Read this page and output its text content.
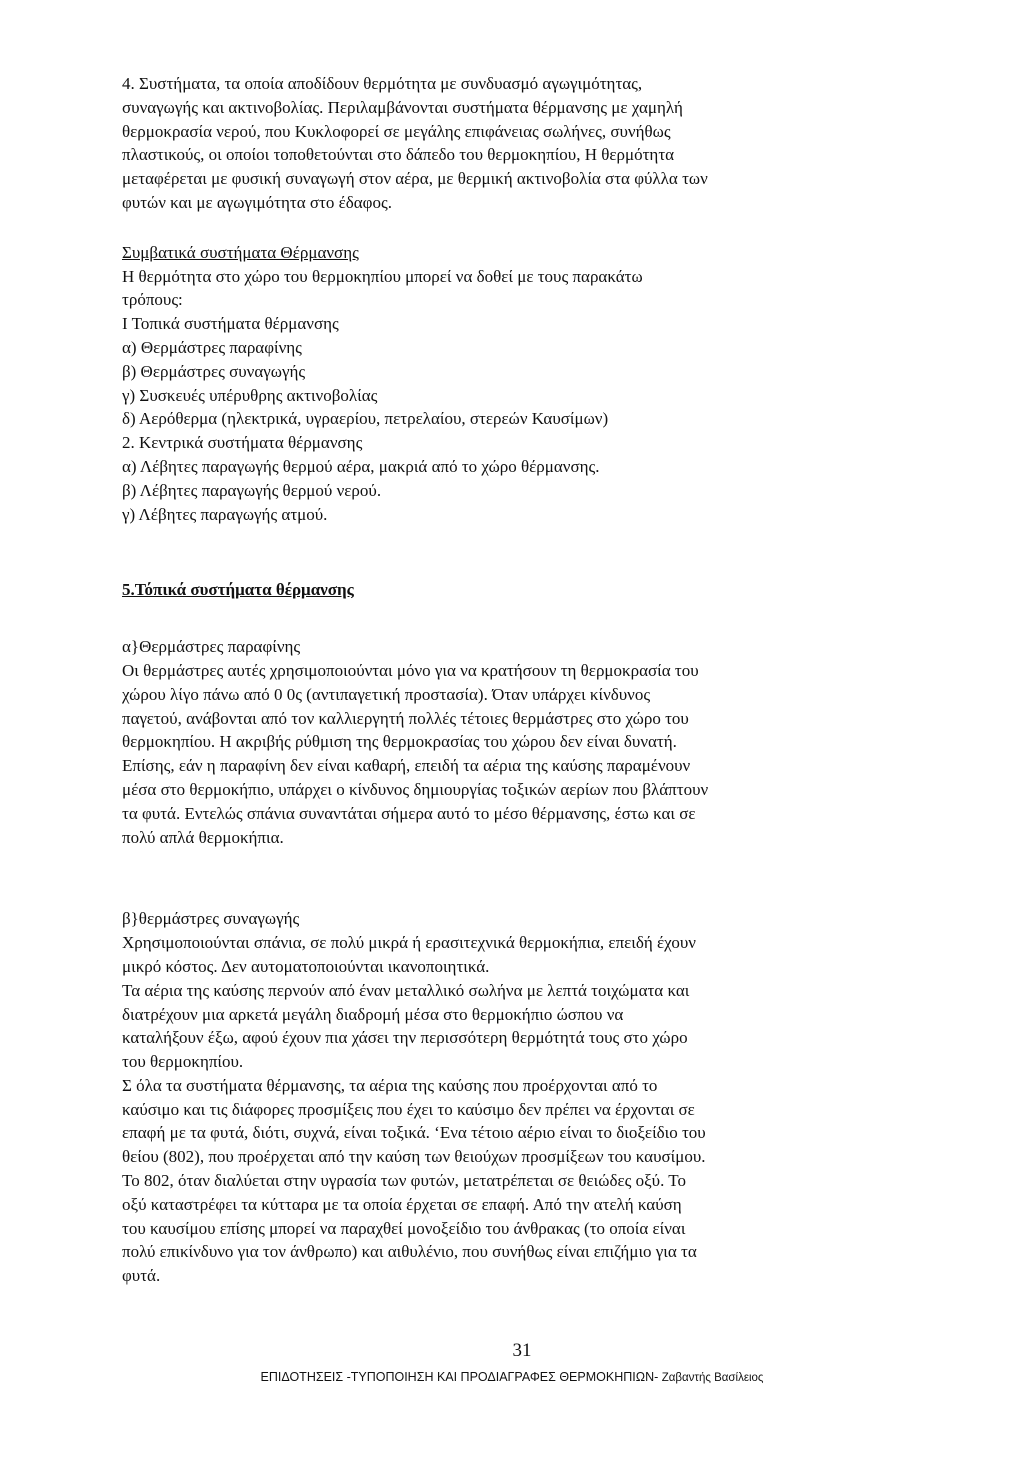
4. Συστήματα, τα οποία αποδίδουν θερμότητα με συνδυασμό αγωγιμότητας,
συναγωγής και ακτινοβολίας. Περιλαμβάνονται συστήματα θέρμανσης με χαμηλή
θερμοκρασία νερού, που Κυκλοφορεί σε μεγάλης επιφάνειας σωλήνες, συνήθως
πλαστικούς, οι οποίοι τοποθετούνται στο δάπεδο του θερμοκηπίου, Η θερμότητα
μεταφέρεται με φυσική συναγωγή στον αέρα, με θερμική ακτινοβολία στα φύλλα των
φυτών και με αγωγιμότητα στο έδαφος.
Συμβατικά συστήματα Θέρμανσης
Η θερμότητα στο χώρο του θερμοκηπίου μπορεί να δοθεί με τους παρακάτω
τρόπους:
Ι Τοπικά συστήματα θέρμανσης
α) Θερμάστρες παραφίνης
β) Θερμάστρες συναγωγής
γ) Συσκευές υπέρυθρης ακτινοβολίας
δ) Αερόθερμα (ηλεκτρικά, υγραερίου, πετρελαίου, στερεών Καυσίμων)
2. Κεντρικά συστήματα θέρμανσης
α) Λέβητες παραγωγής θερμού αέρα, μακριά από το χώρο θέρμανσης.
β) Λέβητες παραγωγής θερμού νερού.
γ) Λέβητες παραγωγής ατμού.
5.Τόπικά συστήματα θέρμανσης
α}Θερμάστρες παραφίνης
Οι θερμάστρες αυτές χρησιμοποιούνται μόνο για να κρατήσουν τη θερμοκρασία του
χώρου λίγο πάνω από 0 0ς (αντιπαγετική προστασία). Όταν υπάρχει κίνδυνος
παγετού, ανάβονται από τον καλλιεργητή πολλές τέτοιες θερμάστρες στο χώρο του
θερμοκηπίου. Η ακριβής ρύθμιση της θερμοκρασίας του χώρου δεν είναι δυνατή.
Επίσης, εάν η παραφίνη δεν είναι καθαρή, επειδή τα αέρια της καύσης παραμένουν
μέσα στο θερμοκήπιο, υπάρχει ο κίνδυνος δημιουργίας τοξικών αερίων που βλάπτουν
τα φυτά. Εντελώς σπάνια συναντάται σήμερα αυτό το μέσο θέρμανσης, έστω και σε
πολύ απλά θερμοκήπια.
β}θερμάστρες συναγωγής
Χρησιμοποιούνται σπάνια, σε πολύ μικρά ή ερασιτεχνικά θερμοκήπια, επειδή έχουν
μικρό κόστος. Δεν αυτοματοποιούνται ικανοποιητικά.
Τα αέρια της καύσης περνούν από έναν μεταλλικό σωλήνα με λεπτά τοιχώματα και
διατρέχουν μια αρκετά μεγάλη διαδρομή μέσα στο θερμοκήπιο ώσπου να
καταλήξουν έξω, αφού έχουν πια χάσει την περισσότερη θερμότητά τους στο χώρο
του θερμοκηπίου.
Σ όλα τα συστήματα θέρμανσης, τα αέρια της καύσης που προέρχονται από το
καύσιμο και τις διάφορες προσμίξεις που έχει το καύσιμο δεν πρέπει να έρχονται σε
επαφή με τα φυτά, διότι, συχνά, είναι τοξικά. ‘Ενα τέτοιο αέριο είναι το διοξείδιο του
θείου (802), που προέρχεται από την καύση των θειούχων προσμίξεων του καυσίμου.
Το 802, όταν διαλύεται στην υγρασία των φυτών, μετατρέπεται σε θειώδες οξύ. Το
οξύ καταστρέφει τα κύτταρα με τα οποία έρχεται σε επαφή. Από την ατελή καύση
του καυσίμου επίσης μπορεί να παραχθεί μονοξείδιο του άνθρακας (το οποία είναι
πολύ επικίνδυνο για τον άνθρωπο) και αιθυλένιο, που συνήθως είναι επιζήμιο για τα
φυτά.
31
ΕΠΙΔΟΤΗΣΕΙΣ -ΤΥΠΟΠΟΙΗΣΗ ΚΑΙ ΠΡΟΔΙΑΓΡΑΦΕΣ ΘΕΡΜΟΚΗΠΙΩΝ- Ζαβαντής Βασίλειος
